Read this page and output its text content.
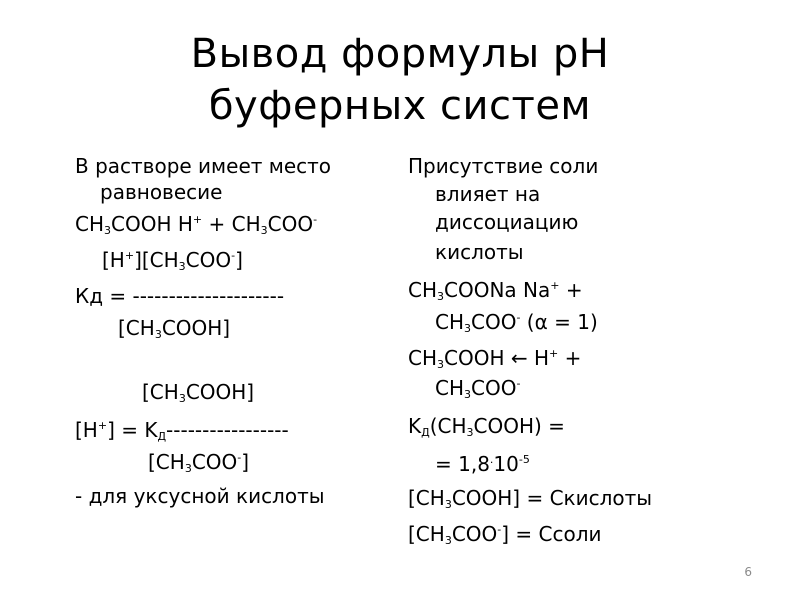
Вывод формулы рН
буферных систем
В растворе имеет место
равновесие
$CH_3COOH$ $H^+ + CH_3COO^-$
$[H^+][CH_3COO^-]$
Кд = ---------------------
$[CH_3COOH]$
$[CH_3COOH]$
$[H^+] = K_Д-----------------$
$[CH_3COO^-]$
- для уксусной кислоты
Присутствие соли
влияет на
диссоциацию
кислоты
$CH_3COONa$ Na+ +
$CH_3COO^-$ (α = 1)
$CH_3COOH$ ← H+ +
$CH_3COO^-$
$K_Д(CH_3COOH)$ =
= $1,8^.10^{-5}$
$[CH_3COOH]$ = Скислоты
$[CH_3COO^-]$ = Ссоли
6
